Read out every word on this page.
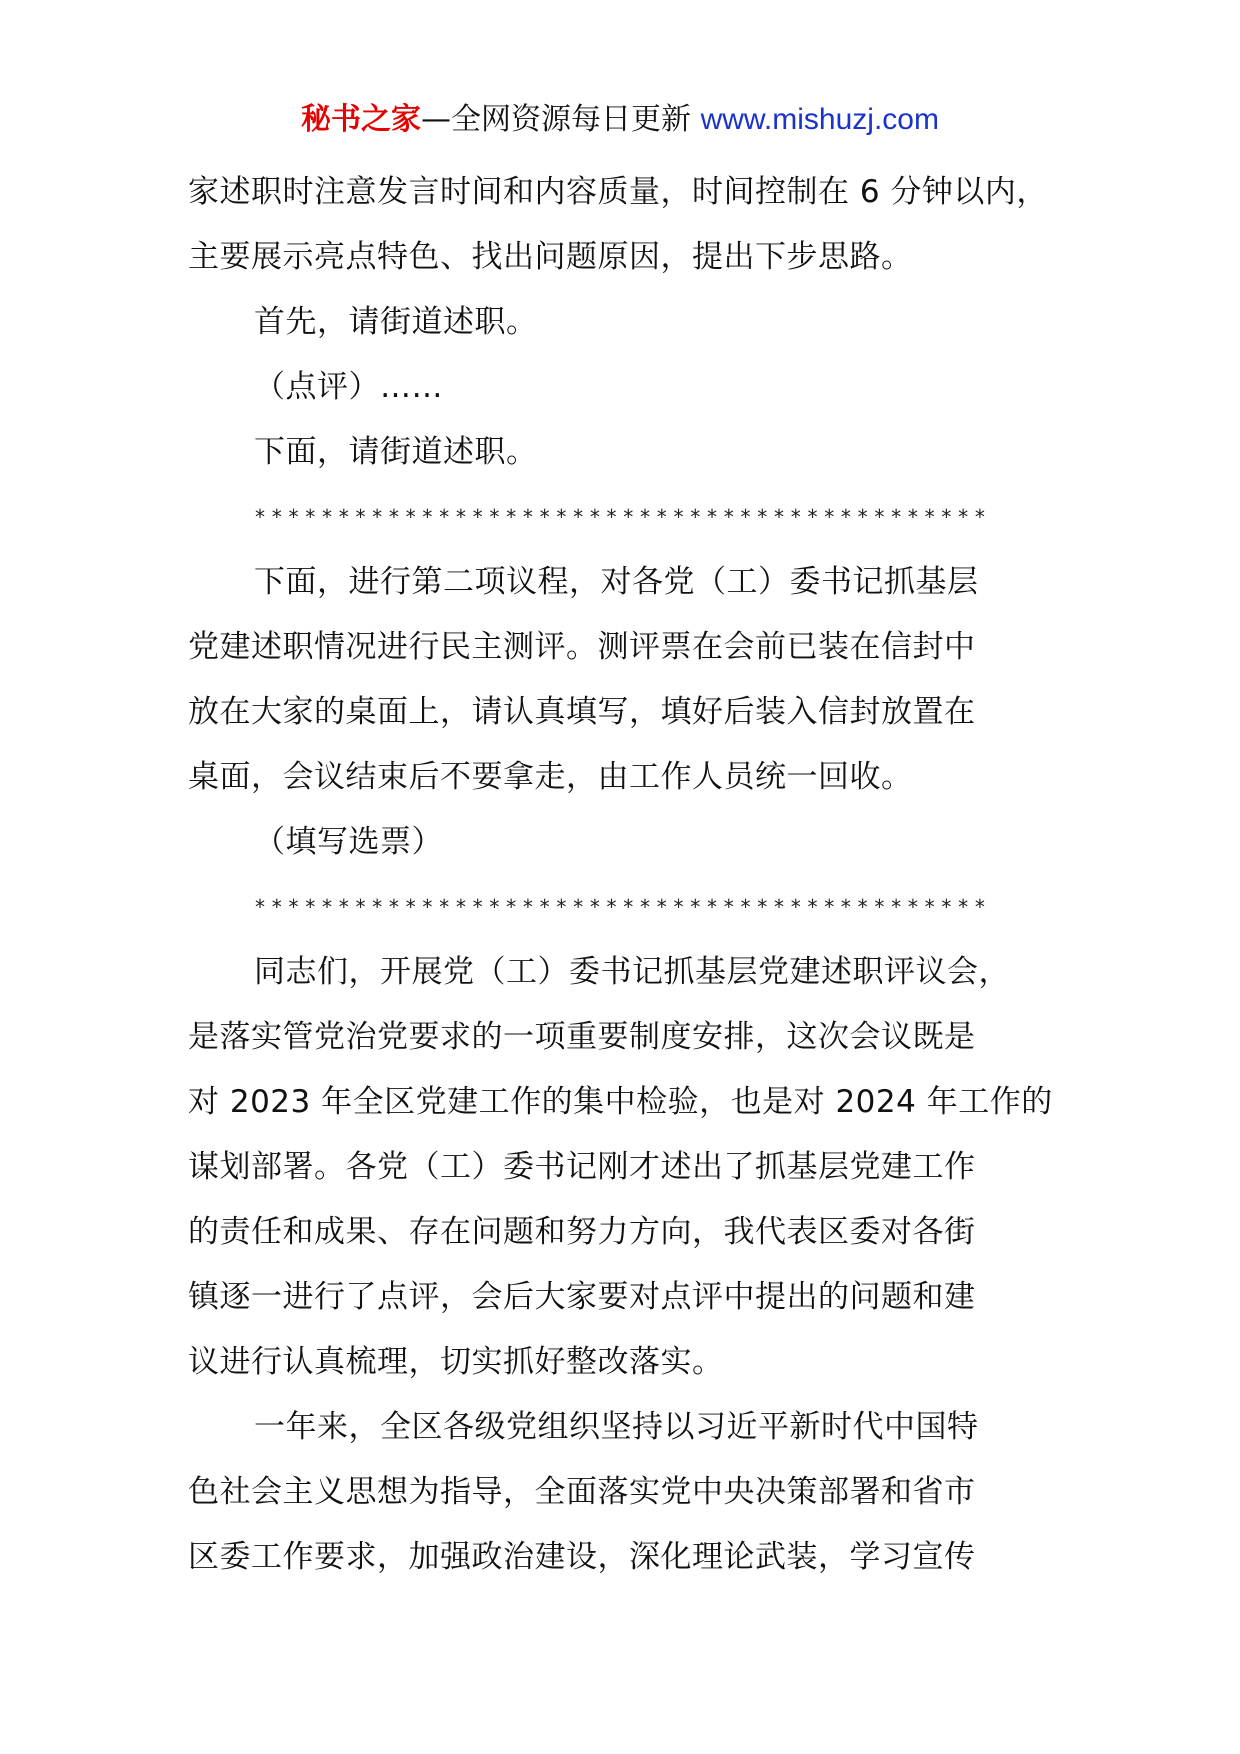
秘书之家—全网资源每日更新 www.mishuzj.com
家述职时注意发言时间和内容质量，时间控制在 6 分钟以内，
主要展示亮点特色、找出问题原因，提出下步思路。
首先，请街道述职。
（点评）……
下面，请街道述职。
********************************************
下面，进行第二项议程，对各党（工）委书记抓基层
党建述职情况进行民主测评。测评票在会前已装在信封中
放在大家的桌面上，请认真填写，填好后装入信封放置在
桌面，会议结束后不要拿走，由工作人员统一回收。
（填写选票）
********************************************
同志们，开展党（工）委书记抓基层党建述职评议会，
是落实管党治党要求的一项重要制度安排，这次会议既是
对 2023 年全区党建工作的集中检验，也是对 2024 年工作的
谋划部署。各党（工）委书记刚才述出了抓基层党建工作
的责任和成果、存在问题和努力方向，我代表区委对各街
镇逐一进行了点评，会后大家要对点评中提出的问题和建
议进行认真梳理，切实抓好整改落实。
一年来，全区各级党组织坚持以习近平新时代中国特
色社会主义思想为指导，全面落实党中央决策部署和省市
区委工作要求，加强政治建设，深化理论武装，学习宣传
